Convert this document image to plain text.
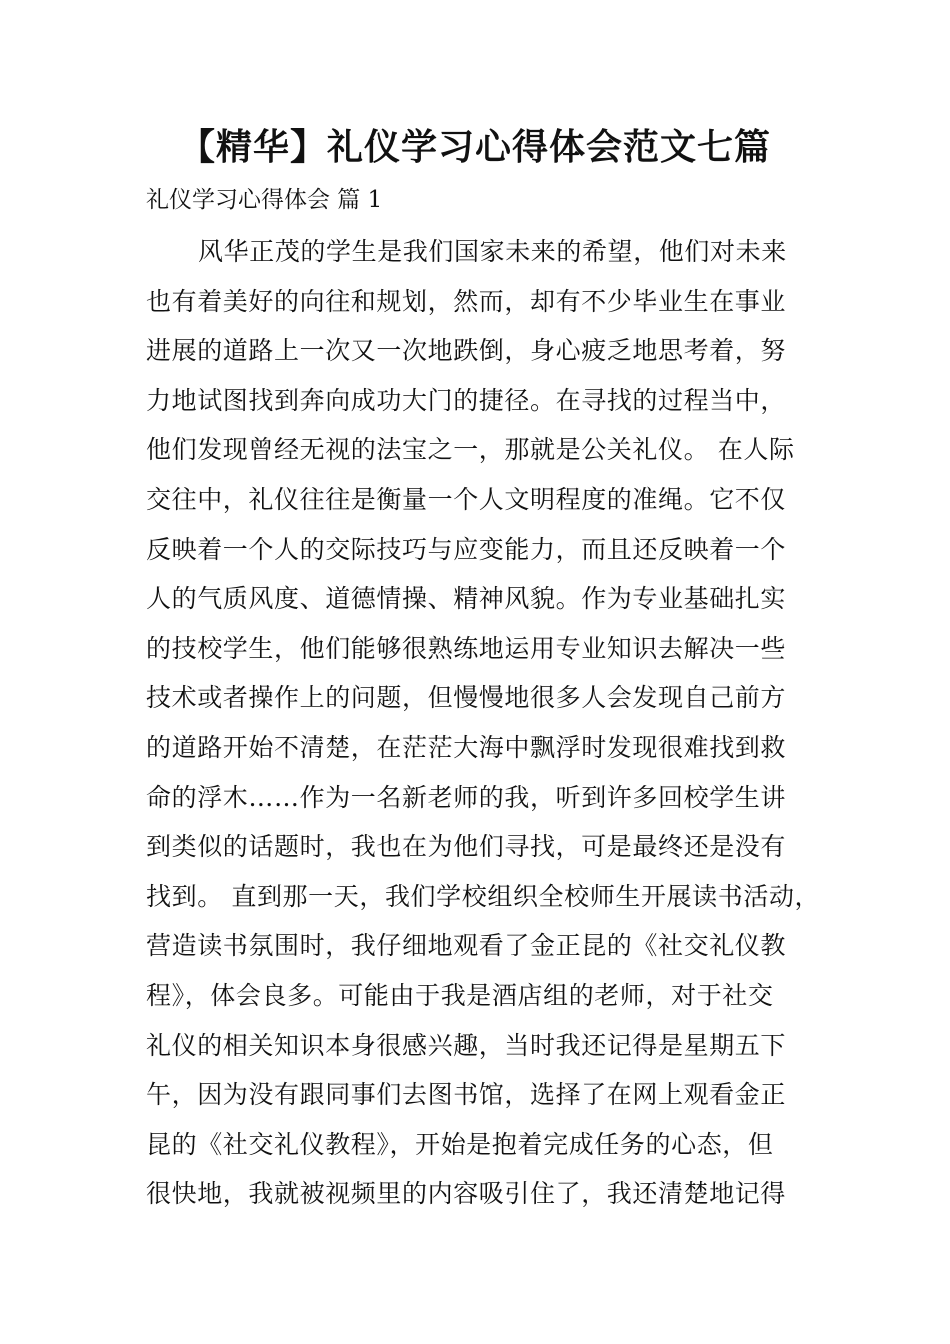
【精华】礼仪学习心得体会范文七篇
礼仪学习心得体会 篇 1
风华正茂的学生是我们国家未来的希望，他们对未来
也有着美好的向往和规划，然而，却有不少毕业生在事业
进展的道路上一次又一次地跌倒，身心疲乏地思考着，努
力地试图找到奔向成功大门的捷径。在寻找的过程当中，
他们发现曾经无视的法宝之一，那就是公关礼仪。 在人际
交往中，礼仪往往是衡量一个人文明程度的准绳。它不仅
反映着一个人的交际技巧与应变能力，而且还反映着一个
人的气质风度、道德情操、精神风貌。作为专业基础扎实
的技校学生，他们能够很熟练地运用专业知识去解决一些
技术或者操作上的问题，但慢慢地很多人会发现自己前方
的道路开始不清楚，在茫茫大海中飘浮时发现很难找到救
命的浮木……作为一名新老师的我，听到许多回校学生讲
到类似的话题时，我也在为他们寻找，可是最终还是没有
找到。 直到那一天，我们学校组织全校师生开展读书活动，
营造读书氛围时，我仔细地观看了金正昆的《社交礼仪教
程》，体会良多。可能由于我是酒店组的老师，对于社交
礼仪的相关知识本身很感兴趣，当时我还记得是星期五下
午，因为没有跟同事们去图书馆，选择了在网上观看金正
昆的《社交礼仪教程》，开始是抱着完成任务的心态，但
很快地，我就被视频里的内容吸引住了，我还清楚地记得
